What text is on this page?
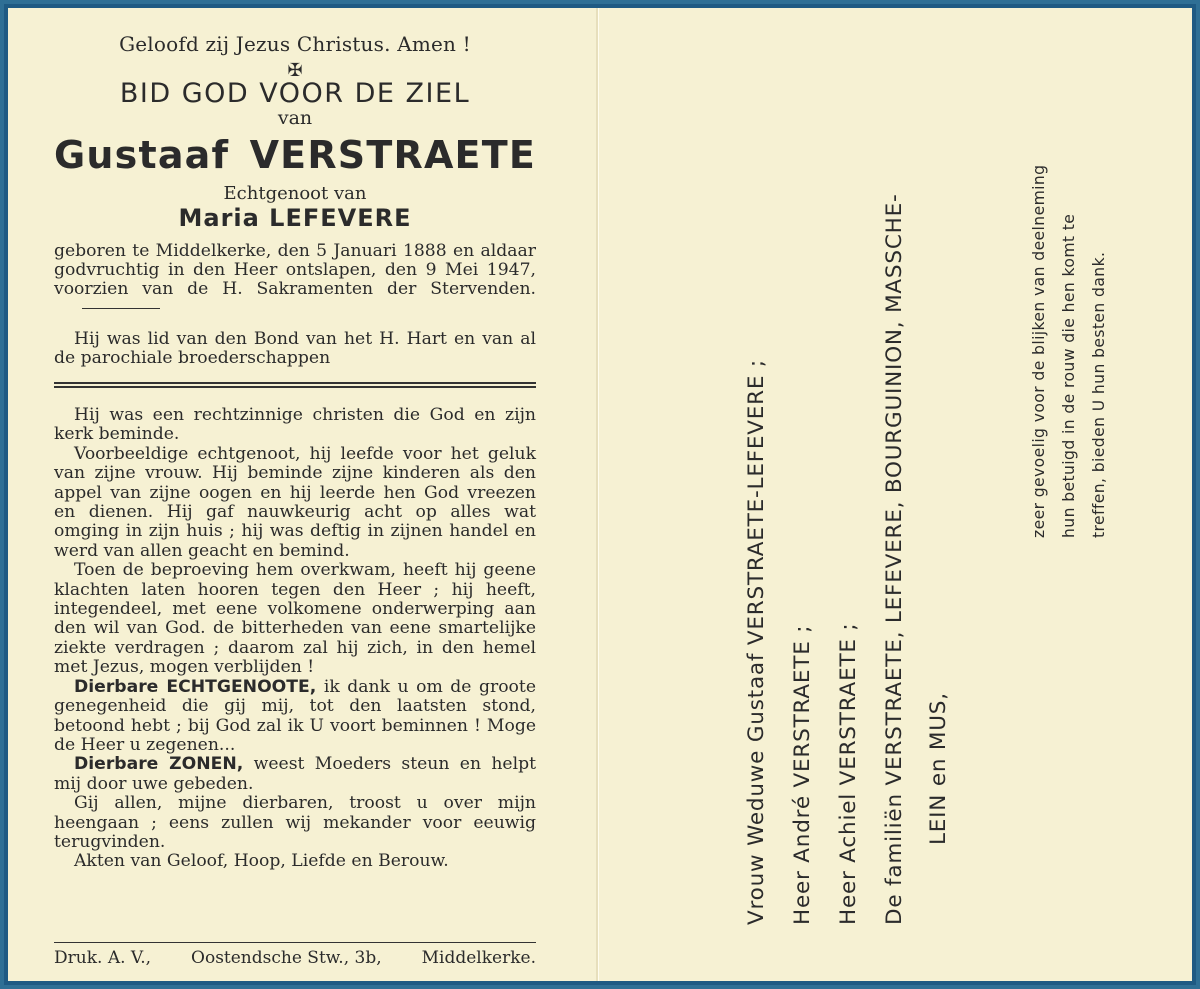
Geloofd zij Jezus Christus. Amen !
✠
BID GOD VOOR DE ZIEL
van
Gustaaf VERSTRAETE
Echtgenoot van
Maria LEFEVERE
geboren te Middelkerke, den 5 Januari 1888 en aldaar godvruchtig in den Heer ontslapen, den 9 Mei 1947, voorzien van de H. Sakramenten der Stervenden.
Hij was lid van den Bond van het H. Hart en van al de parochiale broederschappen

Hij was een rechtzinnige christen die God en zijn kerk beminde.

Voorbeeldige echtgenoot, hij leefde voor het geluk van zijne vrouw. Hij beminde zijne kinderen als den appel van zijne oogen en hij leerde hen God vreezen en dienen. Hij gaf nauwkeurig acht op alles wat omging in zijn huis ; hij was deftig in zijnen handel en werd van allen geacht en bemind.

Toen de beproeving hem overkwam, heeft hij geene klachten laten hooren tegen den Heer ; hij heeft, integendeel, met eene volkomene onderwerping aan den wil van God. de bitterheden van eene smartelijke ziekte verdragen ; daarom zal hij zich, in den hemel met Jezus, mogen verblijden !

Dierbare ECHTGENOOTE, ik dank u om de groote genegenheid die gij mij, tot den laatsten stond, betoond hebt ; bij God zal ik U voort beminnen ! Moge de Heer u zegenen...

Dierbare ZONEN, weest Moeders steun en helpt mij door uwe gebeden.

Gij allen, mijne dierbaren, troost u over mijn heengaan ; eens zullen wij mekander voor eeuwig terugvinden.

Akten van Geloof, Hoop, Liefde en Berouw.

Druk. A. V., Oostendsche Stw., 3b, Middelkerke.
Vrouw Weduwe Gustaaf VERSTRAETE-LEFEVERE ; Heer André VERSTRAETE ; Heer Achiel VERSTRAETE ; De familiën VERSTRAETE, LEFEVERE, BOURGUINION, MASSCHE- LEIN en MUS,
zeer gevoelig voor de blijken van deelneming hun betuigd in de rouw die hen komt te treffen, bieden U hun besten dank.
